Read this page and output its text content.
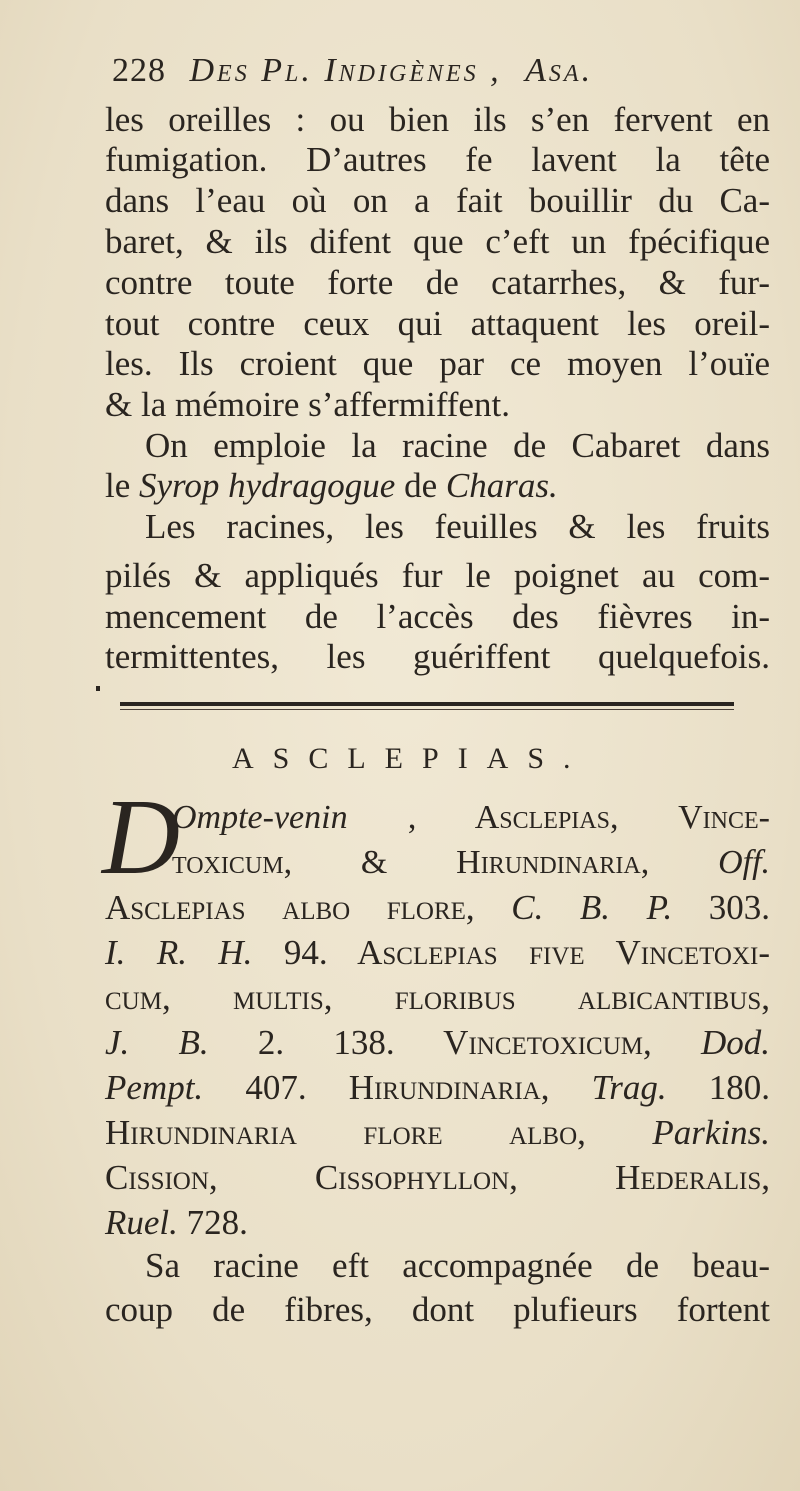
228 Des Pl. Indigènes , Asa.
les oreilles : ou bien ils s’en fervent en
fumigation. D’autres fe lavent la tête
dans l’eau où on a fait bouillir du Ca-
baret, & ils difent que c’eft un fpécifique
contre toute forte de catarrhes, & fur-
tout contre ceux qui attaquent les oreil-
les. Ils croient que par ce moyen l’ouïe
& la mémoire s’affermiffent.
On emploie la racine de Cabaret dans
le Syrop hydragogue de Charas.
Les racines, les feuilles & les fruits
pilés & appliqués fur le poignet au com-
mencement de l’accès des fièvres in-
termittentes, les guériffent quelquefois.
ASCLEPIAS.
D
Ompte-venin , Asclepias, Vince-
toxicum, & Hirundinaria, Off.
Asclepias albo flore, C. B. P. 303.
I. R. H. 94. Asclepias five Vincetoxi-
cum, multis, floribus albicantibus,
J. B. 2. 138. Vincetoxicum, Dod.
Pempt. 407. Hirundinaria, Trag. 180.
Hirundinaria flore albo, Parkins.
Cission, Cissophyllon, Hederalis,
Ruel. 728.
Sa racine eft accompagnée de beau-
coup de fibres, dont plufieurs fortent
